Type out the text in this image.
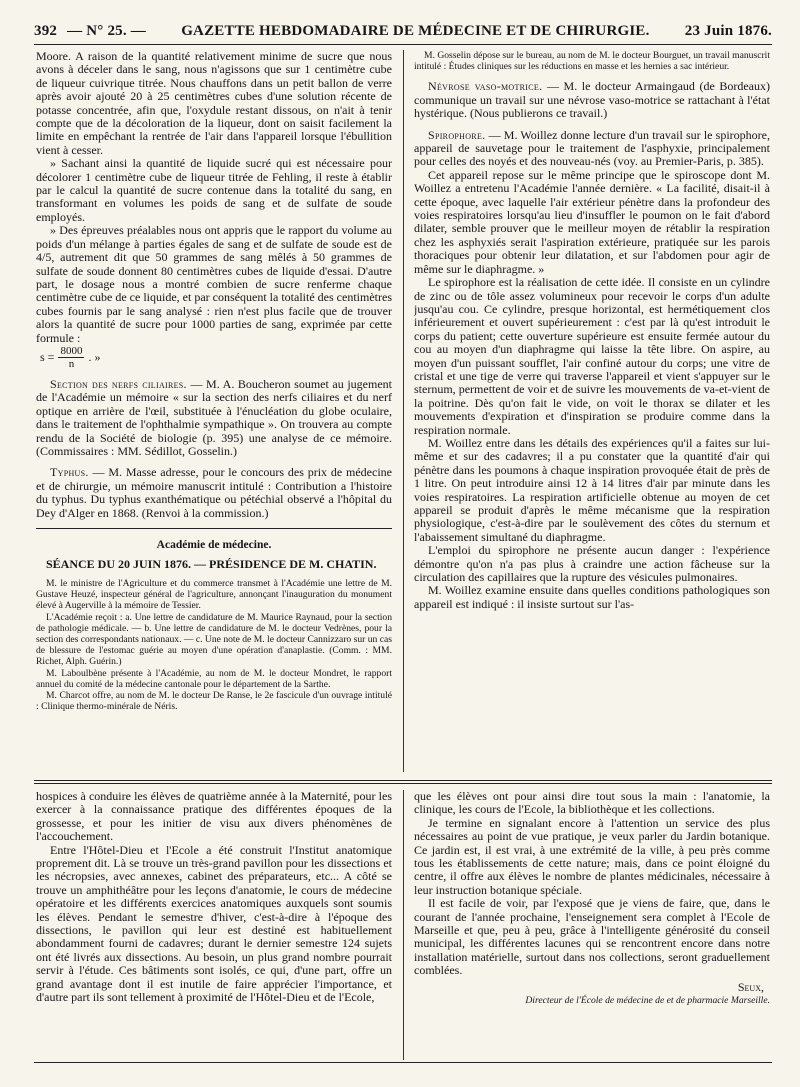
392 — N° 25. —	GAZETTE HEBDOMADAIRE DE MÉDECINE ET DE CHIRURGIE.	23 Juin 1876.

Moore. A raison de la quantité relativement minime de sucre que nous avons à déceler dans le sang, nous n'agissons que sur 1 centimètre cube de liqueur cuivrique titrée. Nous chauffons dans un petit ballon de verre après avoir ajouté 20 à 25 centimètres cubes d'une solution récente de potasse concentrée, afin que, l'oxydule restant dissous, on n'ait à tenir compte que de la décoloration de la liqueur, dont on saisit facilement la limite en empêchant la rentrée de l'air dans l'appareil lorsque l'ébullition vient à cesser.

» Sachant ainsi la quantité de liquide sucré qui est nécessaire pour décolorer 1 centimètre cube de liqueur titrée de Fehling, il reste à établir par le calcul la quantité de sucre contenue dans la totalité du sang, en transformant en volumes les poids de sang et de sulfate de soude employés.

» Des épreuves préalables nous ont appris que le rapport du volume au poids d'un mélange à parties égales de sang et de sulfate de soude est de 4/5, autrement dit que 50 grammes de sang mêlés à 50 grammes de sulfate de soude donnent 80 centimètres cubes de liquide d'essai. D'autre part, le dosage nous a montré combien de sucre renferme chaque centimètre cube de ce liquide, et par conséquent la totalité des centimètres cubes fournis par le sang analysé : rien n'est plus facile que de trouver alors la quantité de sucre pour 1000 parties de sang, exprimée par cette formule :

$s = \frac{8000}{n}$ . »

Section des nerfs ciliaires. — M. A. Boucheron soumet au jugement de l'Académie un mémoire « sur la section des nerfs ciliaires et du nerf optique en arrière de l'œil, substituée à l'énucléation du globe oculaire, dans le traitement de l'ophthalmie sympathique ». On trouvera au compte rendu de la Société de biologie (p. 395) une analyse de ce mémoire. (Commissaires : MM. Sédillot, Gosselin.)

Typhus. — M. Masse adresse, pour le concours des prix de médecine et de chirurgie, un mémoire manuscrit intitulé : Contribution a l'histoire du typhus. Du typhus exanthématique ou pétéchial observé a l'hôpital du Dey d'Alger en 1868. (Renvoi à la commission.)

Académie de médecine.

SÉANCE DU 20 JUIN 1876. — PRÉSIDENCE DE M. CHATIN.

M. le ministre de l'Agriculture et du commerce transmet à l'Académie une lettre de M. Gustave Heuzé, inspecteur général de l'agriculture, annonçant l'inauguration du monument élevé à Augerville à la mémoire de Tessier.

L'Académie reçoit : a. Une lettre de candidature de M. Maurice Raynaud, pour la section de pathologie médicale. — b. Une lettre de candidature de M. le docteur Vedrènes, pour la section des correspondants nationaux. — c. Une note de M. le docteur Cannizzaro sur un cas de blessure de l'estomac guérie au moyen d'une opération d'anaplastie. (Comm. : MM. Richet, Alph. Guérin.)

M. Laboulbène présente à l'Académie, au nom de M. le docteur Mondret, le rapport annuel du comité de la médecine cantonale pour le département de la Sarthe.

M. Charcot offre, au nom de M. le docteur De Ranse, le 2e fascicule d'un ouvrage intitulé : Clinique thermo-minérale de Néris.

M. Gosselin dépose sur le bureau, au nom de M. le docteur Bourguet, un travail manuscrit intitulé : Études cliniques sur les réductions en masse et les hernies a sac intérieur.

Névrose vaso-motrice. — M. le docteur Armaingaud (de Bordeaux) communique un travail sur une névrose vaso-motrice se rattachant à l'état hystérique. (Nous publierons ce travail.)

Spirophore. — M. Woillez donne lecture d'un travail sur le spirophore, appareil de sauvetage pour le traitement de l'asphyxie, principalement pour celles des noyés et des nouveau-nés (voy. au Premier-Paris, p. 385).

Cet appareil repose sur le même principe que le spiroscope dont M. Woillez a entretenu l'Académie l'année dernière. « La facilité, disait-il à cette époque, avec laquelle l'air extérieur pénètre dans la profondeur des voies respiratoires lorsqu'au lieu d'insuffler le poumon on le fait d'abord dilater, semble prouver que le meilleur moyen de rétablir la respiration chez les asphyxiés serait l'aspiration extérieure, pratiquée sur les parois thoraciques pour obtenir leur dilatation, et sur l'abdomen pour agir de même sur le diaphragme. »

Le spirophore est la réalisation de cette idée. Il consiste en un cylindre de zinc ou de tôle assez volumineux pour recevoir le corps d'un adulte jusqu'au cou. Ce cylindre, presque horizontal, est hermétiquement clos inférieurement et ouvert supérieurement : c'est par là qu'est introduit le corps du patient; cette ouverture supérieure est ensuite fermée autour du cou au moyen d'un diaphragme qui laisse la tête libre. On aspire, au moyen d'un puissant soufflet, l'air confiné autour du corps; une vitre de cristal et une tige de verre qui traverse l'appareil et vient s'appuyer sur le sternum, permettent de voir et de suivre les mouvements de va-et-vient de la poitrine. Dès qu'on fait le vide, on voit le thorax se dilater et les mouvements d'expiration et d'inspiration se produire comme dans la respiration normale.

M. Woillez entre dans les détails des expériences qu'il a faites sur lui-même et sur des cadavres; il a pu constater que la quantité d'air qui pénètre dans les poumons à chaque inspiration provoquée était de près de 1 litre. On peut introduire ainsi 12 à 14 litres d'air par minute dans les voies respiratoires. La respiration artificielle obtenue au moyen de cet appareil se produit d'après le même mécanisme que la respiration physiologique, c'est-à-dire par le soulèvement des côtes du sternum et l'abaissement simultané du diaphragme.

L'emploi du spirophore ne présente aucun danger : l'expérience démontre qu'on n'a pas plus à craindre une action fâcheuse sur la circulation des capillaires que la rupture des vésicules pulmonaires.

M. Woillez examine ensuite dans quelles conditions pathologiques son appareil est indiqué : il insiste surtout sur l'as-

hospices à conduire les élèves de quatrième année à la Maternité, pour les exercer à la connaissance pratique des différentes époques de la grossesse, et pour les initier de visu aux divers phénomènes de l'accouchement.

Entre l'Hôtel-Dieu et l'Ecole a été construit l'Institut anatomique proprement dit. Là se trouve un très-grand pavillon pour les dissections et les nécropsies, avec annexes, cabinet des préparateurs, etc... A côté se trouve un amphithéâtre pour les leçons d'anatomie, le cours de médecine opératoire et les différents exercices anatomiques auxquels sont soumis les élèves. Pendant le semestre d'hiver, c'est-à-dire à l'époque des dissections, le pavillon qui leur est destiné est habituellement abondamment fourni de cadavres; durant le dernier semestre 124 sujets ont été livrés aux dissections. Au besoin, un plus grand nombre pourrait servir à l'étude. Ces bâtiments sont isolés, ce qui, d'une part, offre un grand avantage dont il est inutile de faire apprécier l'importance, et d'autre part ils sont tellement à proximité de l'Hôtel-Dieu et de l'Ecole,

que les élèves ont pour ainsi dire tout sous la main : l'anatomie, la clinique, les cours de l'Ecole, la bibliothèque et les collections.

Je termine en signalant encore à l'attention un service des plus nécessaires au point de vue pratique, je veux parler du Jardin botanique. Ce jardin est, il est vrai, à une extrémité de la ville, à peu près comme tous les établissements de cette nature; mais, dans ce point éloigné du centre, il offre aux élèves le nombre de plantes médicinales, nécessaire à leur instruction botanique spéciale.

Il est facile de voir, par l'exposé que je viens de faire, que, dans le courant de l'année prochaine, l'enseignement sera complet à l'Ecole de Marseille et que, peu à peu, grâce à l'intelligente générosité du conseil municipal, les différentes lacunes qui se rencontrent encore dans notre installation matérielle, surtout dans nos collections, seront graduellement comblées.

Seux,

Directeur de l'École de médecine de et de pharmacie Marseille.
